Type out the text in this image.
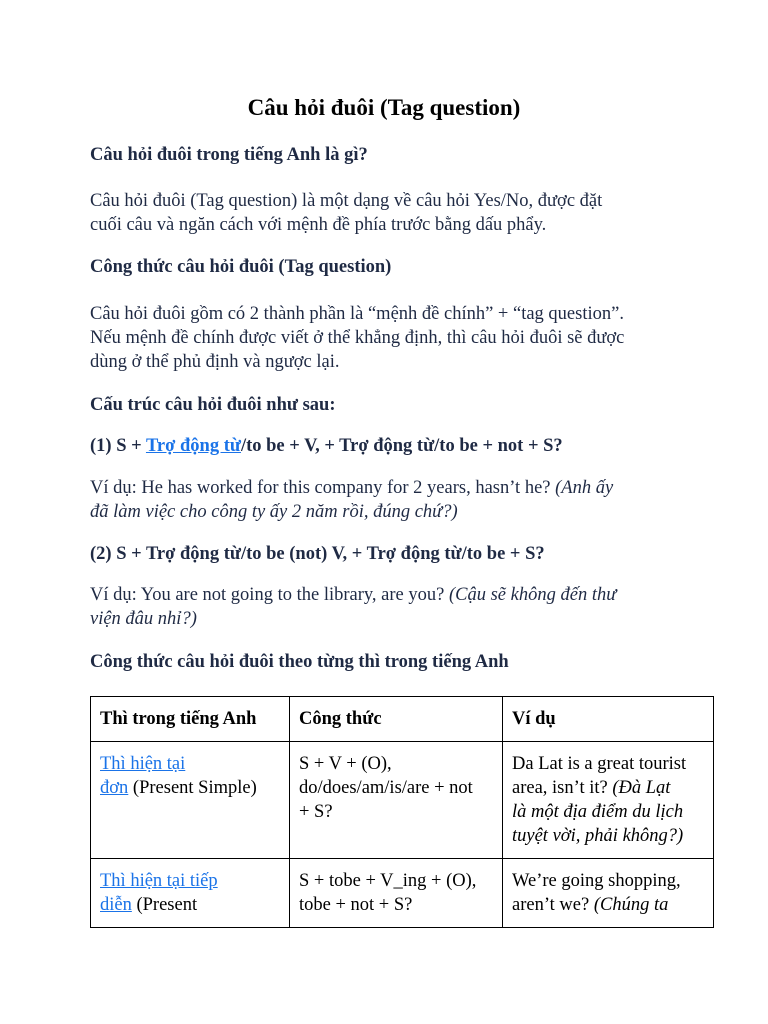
Câu hỏi đuôi (Tag question)

Câu hỏi đuôi trong tiếng Anh là gì?

Câu hỏi đuôi (Tag question) là một dạng về câu hỏi Yes/No, được đặt
cuối câu và ngăn cách với mệnh đề phía trước bằng dấu phẩy.

Công thức câu hỏi đuôi (Tag question)

Câu hỏi đuôi gồm có 2 thành phần là “mệnh đề chính” + “tag question”.
Nếu mệnh đề chính được viết ở thể khẳng định, thì câu hỏi đuôi sẽ được
dùng ở thể phủ định và ngược lại.

Cấu trúc câu hỏi đuôi như sau:

(1) S + Trợ động từ/to be + V, + Trợ động từ/to be + not + S?

Ví dụ: He has worked for this company for 2 years, hasn’t he? (Anh ấy
đã làm việc cho công ty ấy 2 năm rồi, đúng chứ?)

(2) S + Trợ động từ/to be (not) V, + Trợ động từ/to be + S?

Ví dụ: You are not going to the library, are you? (Cậu sẽ không đến thư
viện đâu nhỉ?)

Công thức câu hỏi đuôi theo từng thì trong tiếng Anh

Thì trong tiếng Anh	Công thức	Ví dụ
Thì hiện tại
đơn (Present Simple)	S + V + (O),
do/does/am/is/are + not
+ S?	Da Lat is a great tourist
area, isn’t it? (Đà Lạt
là một địa điểm du lịch
tuyệt vời, phải không?)
Thì hiện tại tiếp
diễn (Present	S + tobe + V_ing + (O),
tobe + not + S?	We’re going shopping,
aren’t we? (Chúng ta
